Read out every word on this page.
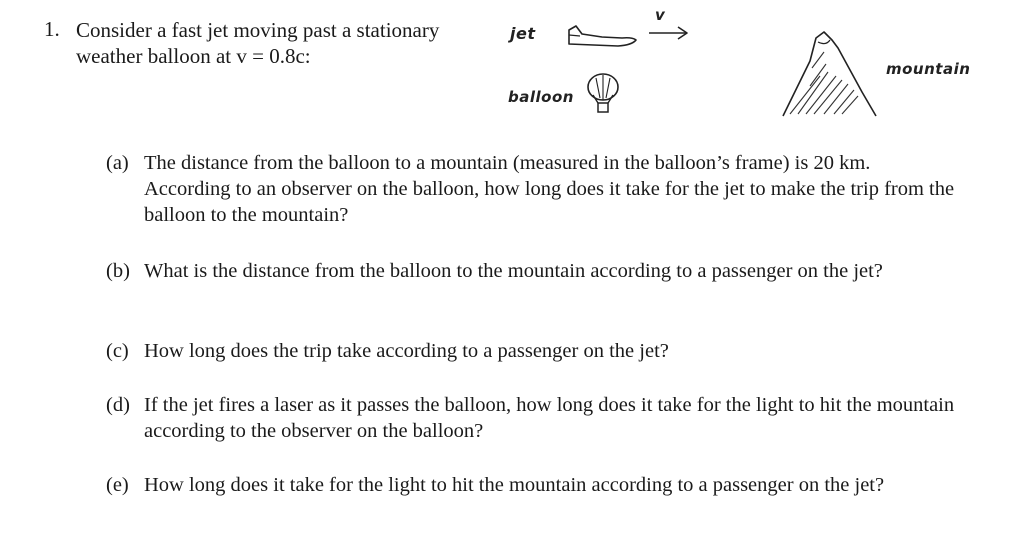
1. Consider a fast jet moving past a stationary weather balloon at v = 0.8c:
jet
v
balloon
mountain
(a) The distance from the balloon to a mountain (measured in the balloon’s frame) is 20 km. According to an observer on the balloon, how long does it take for the jet to make the trip from the balloon to the mountain?
(b) What is the distance from the balloon to the mountain according to a passenger on the jet?
(c) How long does the trip take according to a passenger on the jet?
(d) If the jet fires a laser as it passes the balloon, how long does it take for the light to hit the mountain according to the observer on the balloon?
(e) How long does it take for the light to hit the mountain according to a passenger on the jet?
